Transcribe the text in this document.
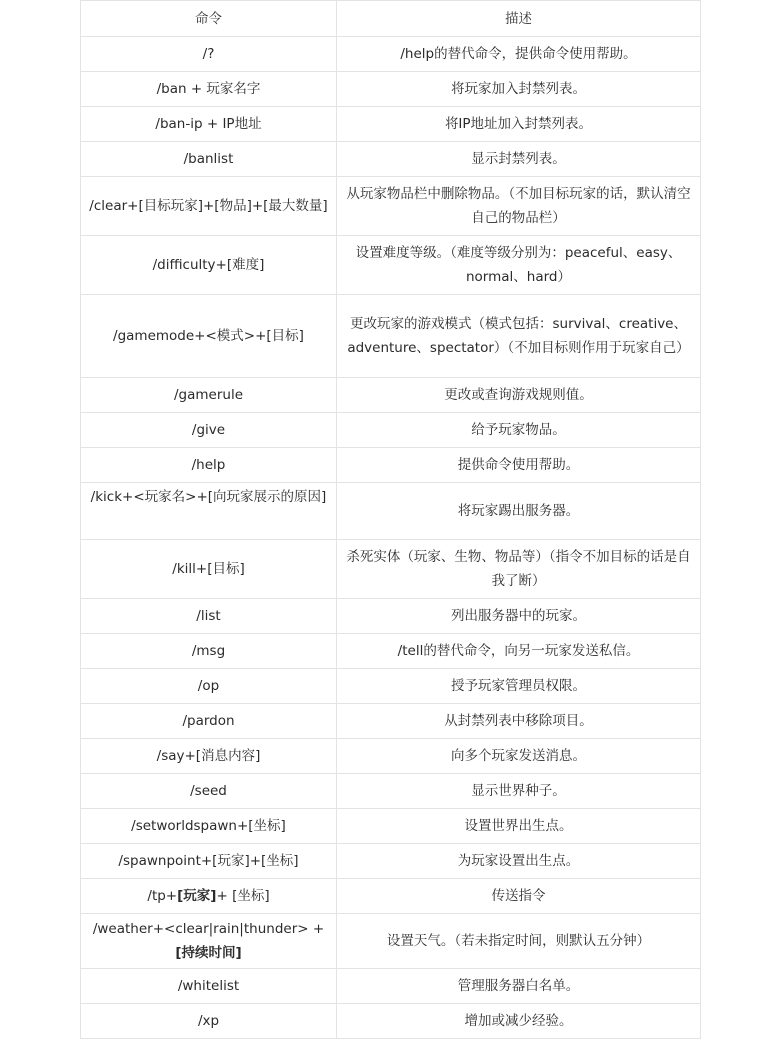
命令	描述
/?	/help的替代命令，提供命令使用帮助。
/ban + 玩家名字	将玩家加入封禁列表。
/ban-ip + IP地址	将IP地址加入封禁列表。
/banlist	显示封禁列表。
/clear+[目标玩家]+[物品]+[最大数量]	从玩家物品栏中删除物品。（不加目标玩家的话，默认清空自己的物品栏）
/difficulty+[难度]	设置难度等级。（难度等级分别为：peaceful、easy、normal、hard）
/gamemode+<模式>+[目标]	更改玩家的游戏模式（模式包括：survival、creative、adventure、spectator）（不加目标则作用于玩家自己）
/gamerule	更改或查询游戏规则值。
/give	给予玩家物品。
/help	提供命令使用帮助。
/kick+<玩家名>+[向玩家展示的原因]	将玩家踢出服务器。
/kill+[目标]	杀死实体（玩家、生物、物品等）（指令不加目标的话是自我了断）
/list	列出服务器中的玩家。
/msg	/tell的替代命令，向另一玩家发送私信。
/op	授予玩家管理员权限。
/pardon	从封禁列表中移除项目。
/say+[消息内容]	向多个玩家发送消息。
/seed	显示世界种子。
/setworldspawn+[坐标]	设置世界出生点。
/spawnpoint+[玩家]+[坐标]	为玩家设置出生点。
/tp+[玩家]+ [坐标]	传送指令
/weather+<clear|rain|thunder> +
[持续时间]	设置天气。（若未指定时间，则默认五分钟）
/whitelist	管理服务器白名单。
/xp	增加或减少经验。
